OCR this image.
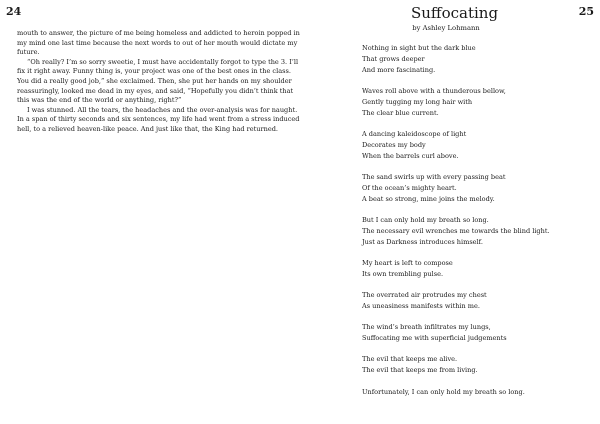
24	25

mouth to answer, the picture of me being homeless and addicted to heroin popped in
my mind one last time because the next words to out of her mouth would dictate my
future.

“Oh really? I’m so sorry sweetie, I must have accidentally forgot to type the 3. I’ll
fix it right away. Funny thing is, your project was one of the best ones in the class.
You did a really good job,” she exclaimed. Then, she put her hands on my shoulder
reassuringly, looked me dead in my eyes, and said, “Hopefully you didn’t think that
this was the end of the world or anything, right?”

I was stunned. All the tears, the headaches and the over-analysis was for naught.
In a span of thirty seconds and six sentences, my life had went from a stress induced
hell, to a relieved heaven-like peace. And just like that, the King had returned.

Suffocating
by Ashley Lohmann
Nothing in sight but the dark blue
That grows deeper
And more fascinating.
Waves roll above with a thunderous bellow,
Gently tugging my long hair with
The clear blue current.
A dancing kaleidoscope of light
Decorates my body
When the barrels curl above.
The sand swirls up with every passing beat
Of the ocean’s mighty heart.
A beat so strong, mine joins the melody.
But I can only hold my breath so long.
The necessary evil wrenches me towards the blind light.
Just as Darkness introduces himself.
My heart is left to compose
Its own trembling pulse.
The overrated air protrudes my chest
As uneasiness manifests within me.
The wind’s breath infiltrates my lungs,
Suffocating me with superficial judgements
The evil that keeps me alive.
The evil that keeps me from living.
Unfortunately, I can only hold my breath so long.
